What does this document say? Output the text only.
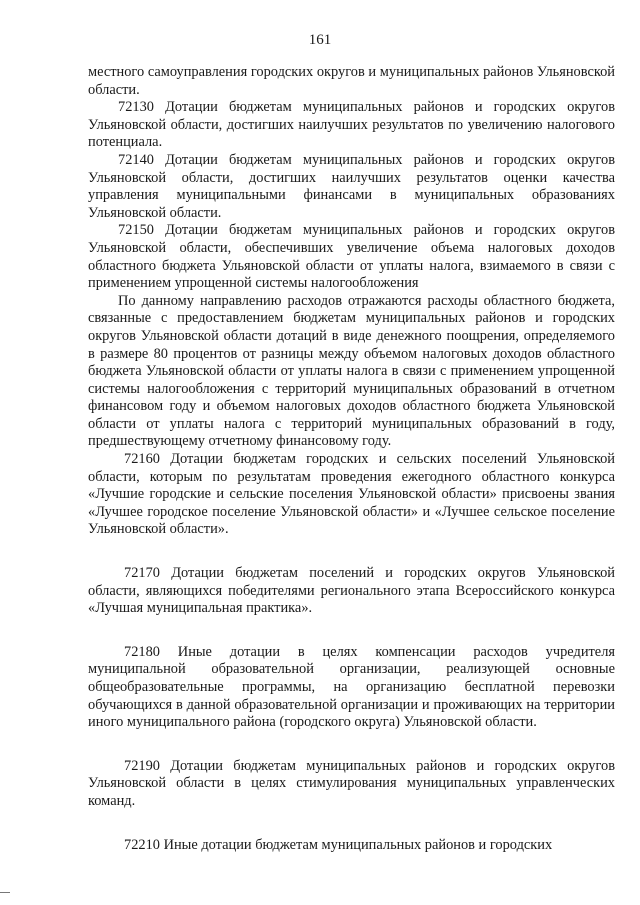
161

местного самоуправления городских округов и муниципальных районов Ульяновской области.

72130 Дотации бюджетам муниципальных районов и городских округов Ульяновской области, достигших наилучших результатов по увеличению налогового потенциала.

72140 Дотации бюджетам муниципальных районов и городских округов Ульяновской области, достигших наилучших результатов оценки качества управления муниципальными финансами в муниципальных образованиях Ульяновской области.

72150 Дотации бюджетам муниципальных районов и городских округов Ульяновской области, обеспечивших увеличение объема налоговых доходов областного бюджета Ульяновской области от уплаты налога, взимаемого в связи с применением упрощенной системы налогообложения

По данному направлению расходов отражаются расходы областного бюджета, связанные с предоставлением бюджетам муниципальных районов и городских округов Ульяновской области дотаций в виде денежного поощрения, определяемого в размере 80 процентов от разницы между объемом налоговых доходов областного бюджета Ульяновской области от уплаты налога в связи с применением упрощенной системы налогообложения с территорий муниципальных образований в отчетном финансовом году и объемом налоговых доходов областного бюджета Ульяновской области от уплаты налога с территорий муниципальных образований в году, предшествующему отчетному финансовому году.

72160 Дотации бюджетам городских и сельских поселений Ульяновской области, которым по результатам проведения ежегодного областного конкурса «Лучшие городские и сельские поселения Ульяновской области» присвоены звания «Лучшее городское поселение Ульяновской области» и «Лучшее сельское поселение Ульяновской области».

72170 Дотации бюджетам поселений и городских округов Ульяновской области, являющихся победителями регионального этапа Всероссийского конкурса «Лучшая муниципальная практика».

72180 Иные дотации в целях компенсации расходов учредителя муниципальной образовательной организации, реализующей основные общеобразовательные программы, на организацию бесплатной перевозки обучающихся в данной образовательной организации и проживающих на территории иного муниципального района (городского округа) Ульяновской области.

72190 Дотации бюджетам муниципальных районов и городских округов Ульяновской области в целях стимулирования муниципальных управленческих команд.

72210 Иные дотации бюджетам муниципальных районов и городских
